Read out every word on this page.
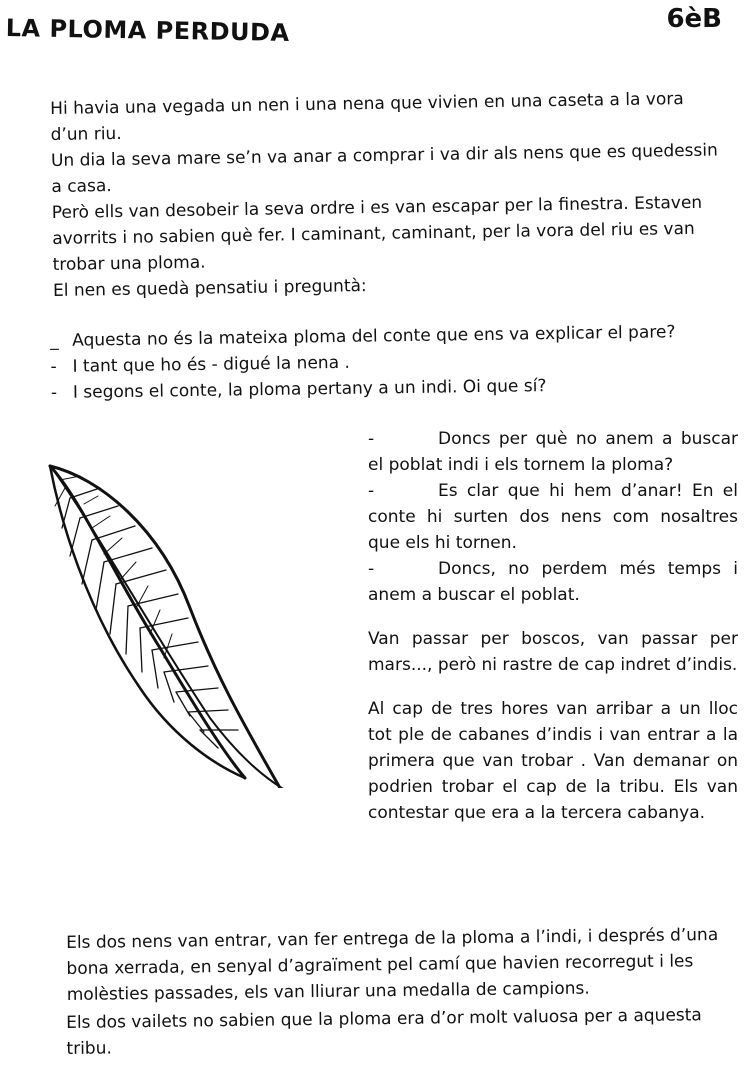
LA PLOMA PERDUDA	6èB
Hi havia una vegada un nen i una nena que vivien en una caseta a la vora d’un riu.
Un dia la seva mare se’n va anar a comprar i va dir als nens que es quedessin a casa.
Però ells van desobeir la seva ordre i es van escapar per la finestra. Estaven avorrits i no sabien què fer. I caminant, caminant, per la vora del riu es van trobar una ploma.
El nen es quedà pensatiu i preguntà:
_ Aquesta no és la mateixa ploma del conte que ens va explicar el pare?
- I tant que ho és - digué la nena .
- I segons el conte, la ploma pertany a un indi. Oi que sí?
-	Doncs per què no anem a buscar el poblat indi i els tornem la ploma?
-	Es clar que hi hem d’anar! En el conte hi surten dos nens com nosaltres que els hi tornen.
-	Doncs, no perdem més temps i anem a buscar el poblat.
Van passar per boscos, van passar per mars..., però ni rastre de cap indret d’indis.
Al cap de tres hores van arribar a un lloc tot ple de cabanes d’indis i van entrar a la primera que van trobar . Van demanar on podrien trobar el cap de la tribu. Els van contestar que era a la tercera cabanya.
Els dos nens van entrar, van fer entrega de la ploma a l’indi, i després d’una bona xerrada, en senyal d’agraïment pel camí que havien recorregut i les molèsties passades, els van lliurar una medalla de campions.
Els dos vailets no sabien que la ploma era d’or molt valuosa per a aquesta tribu.
